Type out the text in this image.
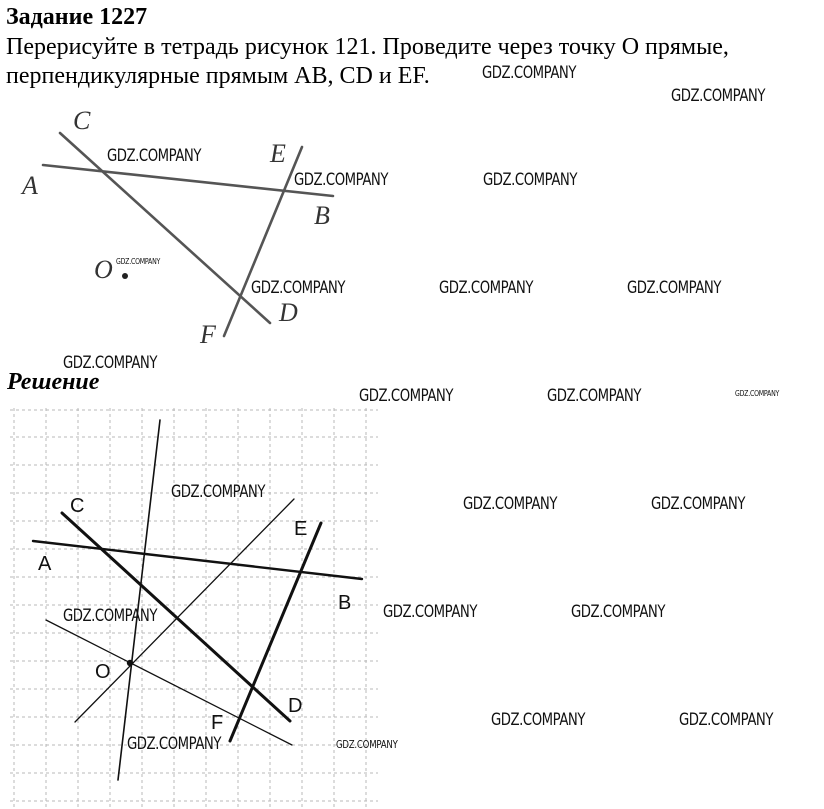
Задание 1227
Перерисуйте в тетрадь рисунок 121. Проведите через точку О прямые,
перпендикулярные прямым АВ, CD и EF.
C
A
E
B
O
D
F
Решение
C
A
E
B
O
D
F
GDZ.COMPANY
GDZ.COMPANY
GDZ.COMPANY
GDZ.COMPANY	GDZ.COMPANY
GDZ.COMPANY
GDZ.COMPANY	GDZ.COMPANY	GDZ.COMPANY
GDZ.COMPANY
GDZ.COMPANY	GDZ.COMPANY	GDZ.COMPANY
GDZ.COMPANY
GDZ.COMPANY	GDZ.COMPANY
GDZ.COMPANY	GDZ.COMPANY	GDZ.COMPANY
GDZ.COMPANY	GDZ.COMPANY
GDZ.COMPANY	GDZ.COMPANY
